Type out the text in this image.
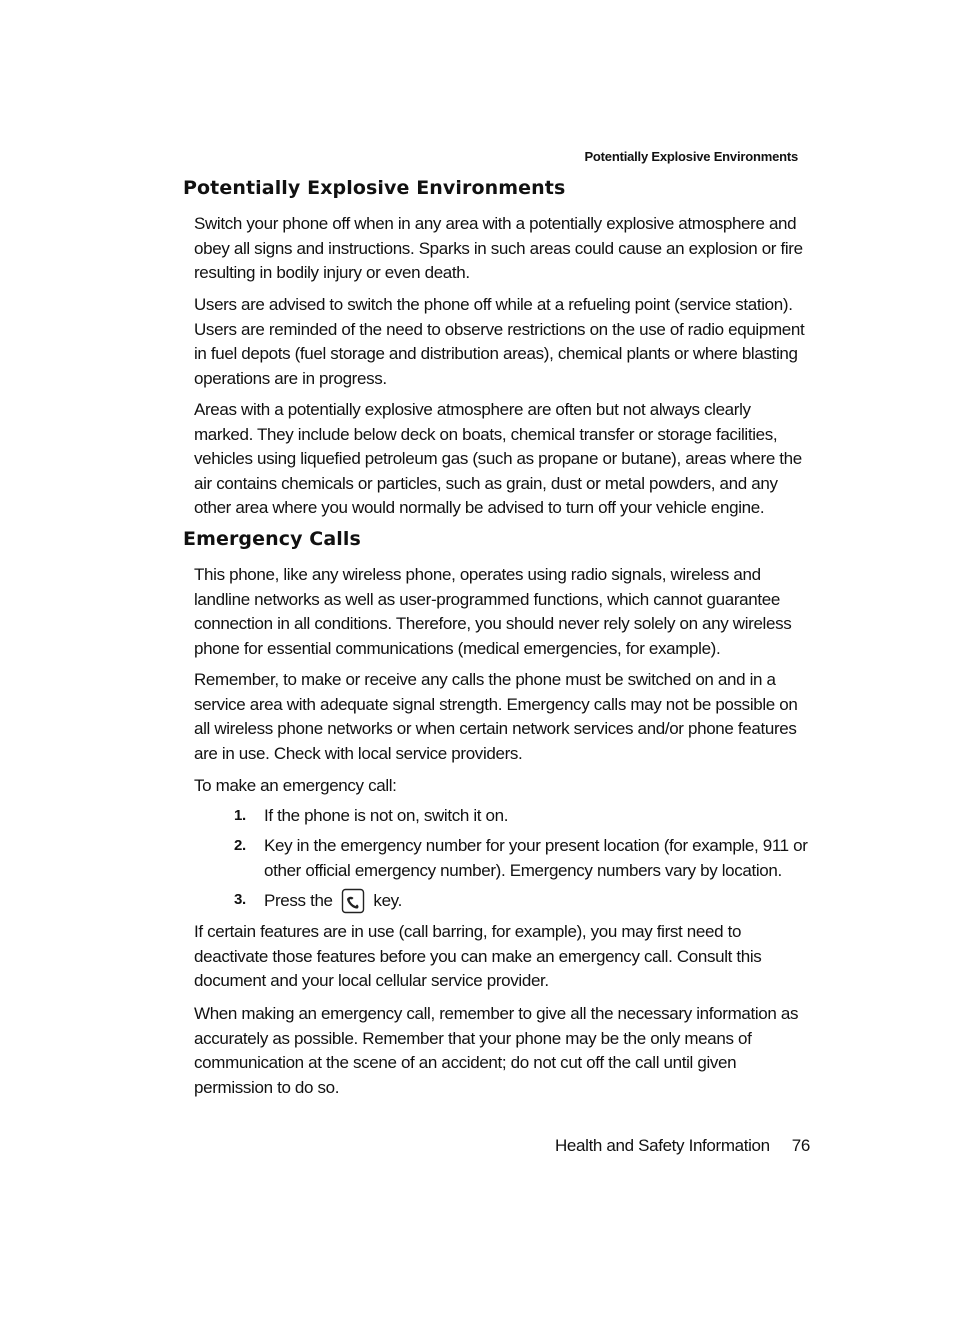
Potentially Explosive Environments
Potentially Explosive Environments

Switch your phone off when in any area with a potentially explosive atmosphere and obey all signs and instructions. Sparks in such areas could cause an explosion or fire resulting in bodily injury or even death.

Users are advised to switch the phone off while at a refueling point (service station). Users are reminded of the need to observe restrictions on the use of radio equipment in fuel depots (fuel storage and distribution areas), chemical plants or where blasting operations are in progress.

Areas with a potentially explosive atmosphere are often but not always clearly marked. They include below deck on boats, chemical transfer or storage facilities, vehicles using liquefied petroleum gas (such as propane or butane), areas where the air contains chemicals or particles, such as grain, dust or metal powders, and any other area where you would normally be advised to turn off your vehicle engine.

Emergency Calls

This phone, like any wireless phone, operates using radio signals, wireless and landline networks as well as user-programmed functions, which cannot guarantee connection in all conditions. Therefore, you should never rely solely on any wireless phone for essential communications (medical emergencies, for example).

Remember, to make or receive any calls the phone must be switched on and in a service area with adequate signal strength. Emergency calls may not be possible on all wireless phone networks or when certain network services and/or phone features are in use. Check with local service providers.

To make an emergency call:

1. If the phone is not on, switch it on.
2. Key in the emergency number for your present location (for example, 911 or other official emergency number). Emergency numbers vary by location.
3. Press the key.

If certain features are in use (call barring, for example), you may first need to deactivate those features before you can make an emergency call. Consult this document and your local cellular service provider.

When making an emergency call, remember to give all the necessary information as accurately as possible. Remember that your phone may be the only means of communication at the scene of an accident; do not cut off the call until given permission to do so.

Health and Safety Information 76
